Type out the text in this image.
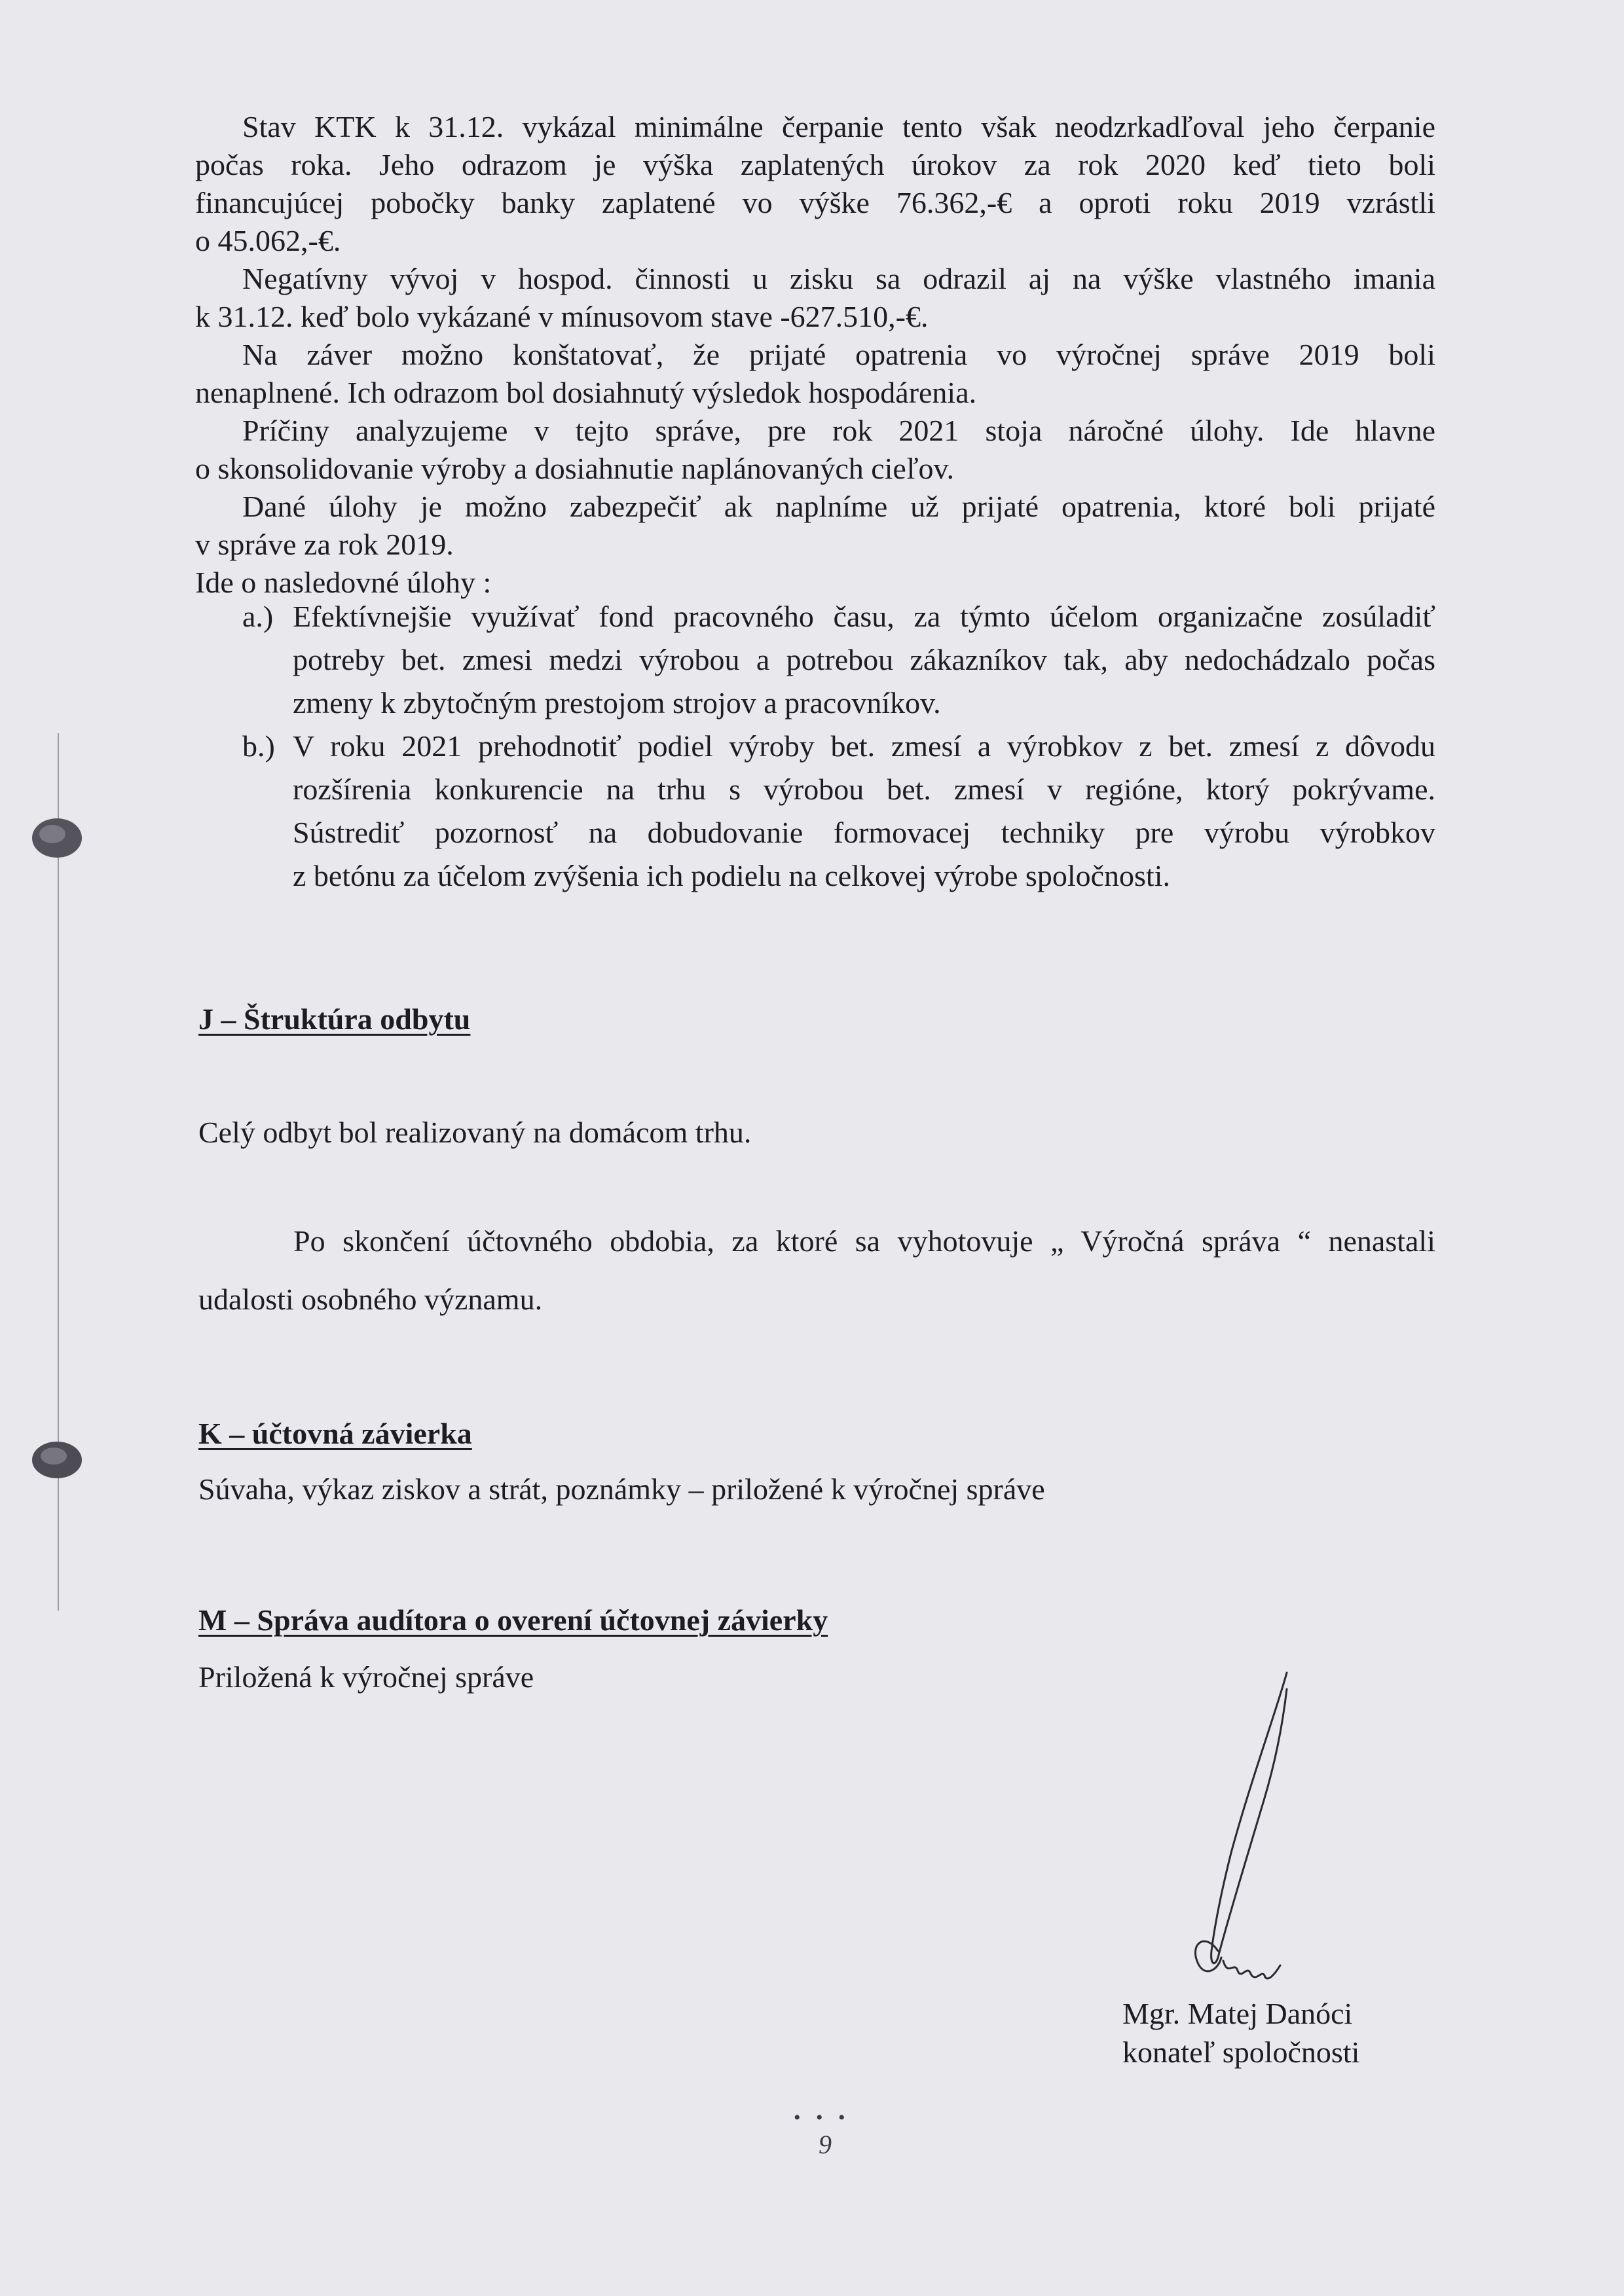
Stav KTK k 31.12. vykázal minimálne čerpanie tento však neodzrkadľoval jeho čerpanie
počas roka. Jeho odrazom je výška zaplatených úrokov za rok 2020 keď tieto boli
financujúcej pobočky banky zaplatené vo výške 76.362,-€ a oproti roku 2019 vzrástli
o 45.062,-€.
Negatívny vývoj v hospod. činnosti u zisku sa odrazil aj na výške vlastného imania
k 31.12. keď bolo vykázané v mínusovom stave -627.510,-€.
Na záver možno konštatovať, že prijaté opatrenia vo výročnej správe 2019 boli
nenaplnené. Ich odrazom bol dosiahnutý výsledok hospodárenia.
Príčiny analyzujeme v tejto správe, pre rok 2021 stoja náročné úlohy. Ide hlavne
o skonsolidovanie výroby a dosiahnutie naplánovaných cieľov.
Dané úlohy je možno zabezpečiť ak naplníme už prijaté opatrenia, ktoré boli prijaté
v správe za rok 2019.
Ide o nasledovné úlohy :
a.) Efektívnejšie využívať fond pracovného času, za týmto účelom organizačne zosúladiť
potreby bet. zmesi medzi výrobou a potrebou zákazníkov tak, aby nedochádzalo počas
zmeny k zbytočným prestojom strojov a pracovníkov.
b.) V roku 2021 prehodnotiť podiel výroby bet. zmesí a výrobkov z bet. zmesí z dôvodu
rozšírenia konkurencie na trhu s výrobou bet. zmesí v regióne, ktorý pokrývame.
Sústrediť pozornosť na dobudovanie formovacej techniky pre výrobu výrobkov
z betónu za účelom zvýšenia ich podielu na celkovej výrobe spoločnosti.
J – Štruktúra odbytu
Celý odbyt bol realizovaný na domácom trhu.
Po skončení účtovného obdobia, za ktoré sa vyhotovuje „ Výročná správa “ nenastali
udalosti osobného významu.
K – účtovná závierka
Súvaha, výkaz ziskov a strát, poznámky – priložené k výročnej správe
M – Správa audítora o overení účtovnej závierky
Priložená k výročnej správe
Mgr. Matej Danóci
konateľ spoločnosti
• • •
9
